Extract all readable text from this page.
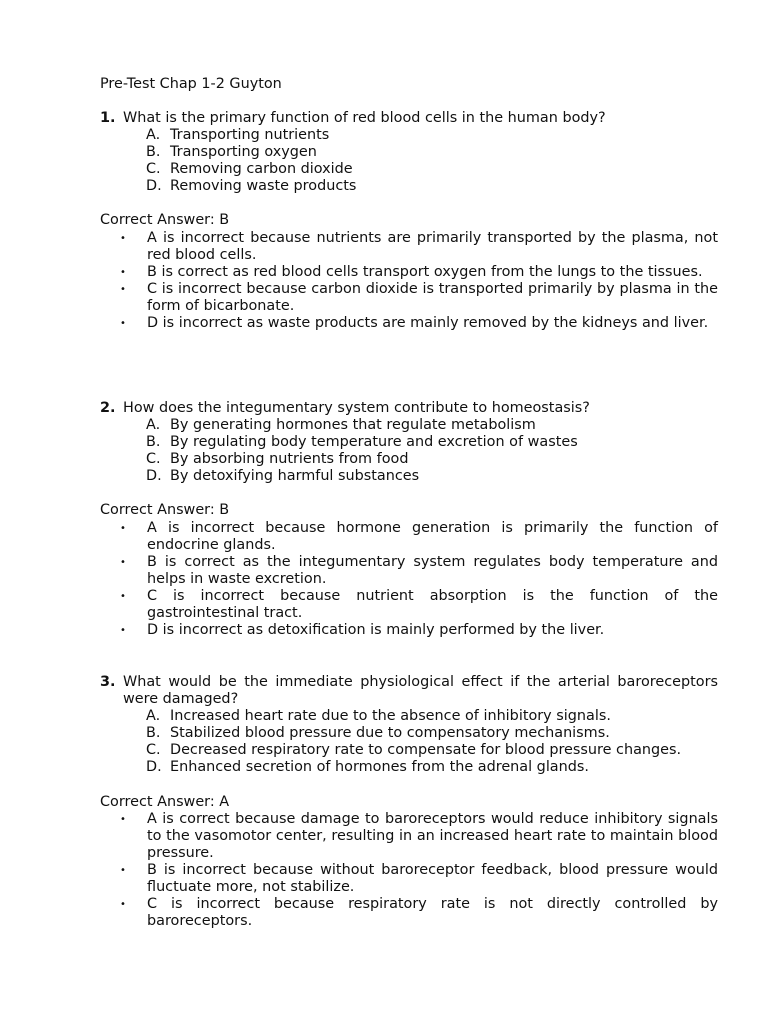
Pre-Test Chap 1-2 Guyton
1. What is the primary function of red blood cells in the human body?
A. Transporting nutrients
B. Transporting oxygen
C. Removing carbon dioxide
D. Removing waste products
Correct Answer: B
•	A is incorrect because nutrients are primarily transported by the plasma, not red blood cells.
•	B is correct as red blood cells transport oxygen from the lungs to the tissues.
•	C is incorrect because carbon dioxide is transported primarily by plasma in the form of bicarbonate.
•	D is incorrect as waste products are mainly removed by the kidneys and liver.
2. How does the integumentary system contribute to homeostasis?
A. By generating hormones that regulate metabolism
B. By regulating body temperature and excretion of wastes
C. By absorbing nutrients from food
D. By detoxifying harmful substances
Correct Answer: B
•	A is incorrect because hormone generation is primarily the function of endocrine glands.
•	B is correct as the integumentary system regulates body temperature and helps in waste excretion.
•	C is incorrect because nutrient absorption is the function of the gastrointestinal tract.
•	D is incorrect as detoxification is mainly performed by the liver.
3. What would be the immediate physiological effect if the arterial baroreceptors were damaged?
A. Increased heart rate due to the absence of inhibitory signals.
B. Stabilized blood pressure due to compensatory mechanisms.
C. Decreased respiratory rate to compensate for blood pressure changes.
D. Enhanced secretion of hormones from the adrenal glands.
Correct Answer: A
•	A is correct because damage to baroreceptors would reduce inhibitory signals to the vasomotor center, resulting in an increased heart rate to maintain blood pressure.
•	B is incorrect because without baroreceptor feedback, blood pressure would fluctuate more, not stabilize.
•	C is incorrect because respiratory rate is not directly controlled by baroreceptors.
